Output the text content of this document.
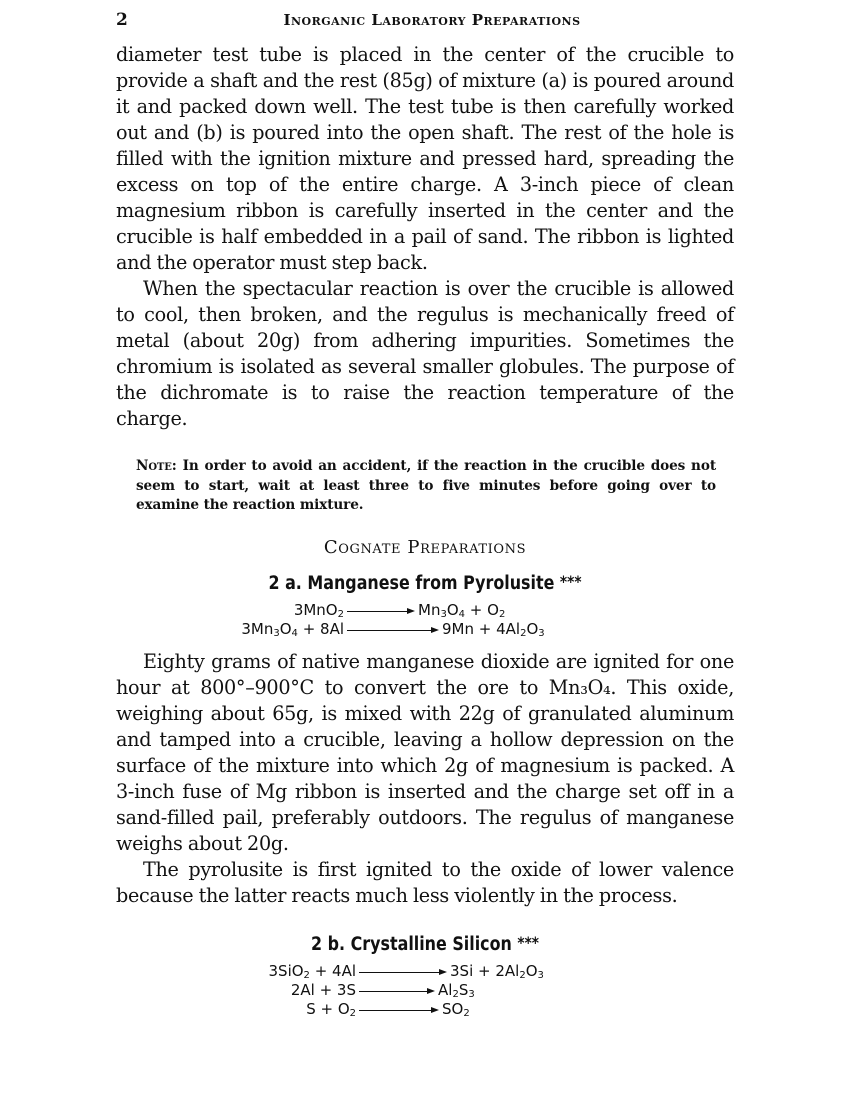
2	Inorganic Laboratory Preparations

diameter test tube is placed in the center of the crucible to provide a shaft and the rest (85g) of mixture (a) is poured around it and packed down well. The test tube is then carefully worked out and (b) is poured into the open shaft. The rest of the hole is filled with the ignition mixture and pressed hard, spreading the excess on top of the entire charge. A 3-inch piece of clean magnesium ribbon is carefully inserted in the center and the crucible is half embedded in a pail of sand. The ribbon is lighted and the operator must step back.

When the spectacular reaction is over the crucible is allowed to cool, then broken, and the regulus is mechanically freed of metal (about 20g) from adhering impurities. Sometimes the chromium is isolated as several smaller globules. The purpose of the dichromate is to raise the reaction temperature of the charge.

Note: In order to avoid an accident, if the reaction in the crucible does not seem to start, wait at least three to five minutes before going over to examine the reaction mixture.
Cognate Preparations
2 a. Manganese from Pyrolusite ***
3MnO$_2$	$Mn_3O_4 + O_2$
$3Mn_3O_4 + 8Al$	$9Mn + 4Al_2O_3$

Eighty grams of native manganese dioxide are ignited for one hour at 800°–900°C to convert the ore to Mn₃O₄. This oxide, weighing about 65g, is mixed with 22g of granulated aluminum and tamped into a crucible, leaving a hollow depression on the surface of the mixture into which 2g of magnesium is packed. A 3-inch fuse of Mg ribbon is inserted and the charge set off in a sand-filled pail, preferably outdoors. The regulus of manganese weighs about 20g.

The pyrolusite is first ignited to the oxide of lower valence because the latter reacts much less violently in the process.

2 b. Crystalline Silicon ***
3SiO$_2$ + 4Al	$3Si + 2Al_2O_3$
2Al + 3S	$Al_2S_3$
$S + O_2$	$SO_2$
